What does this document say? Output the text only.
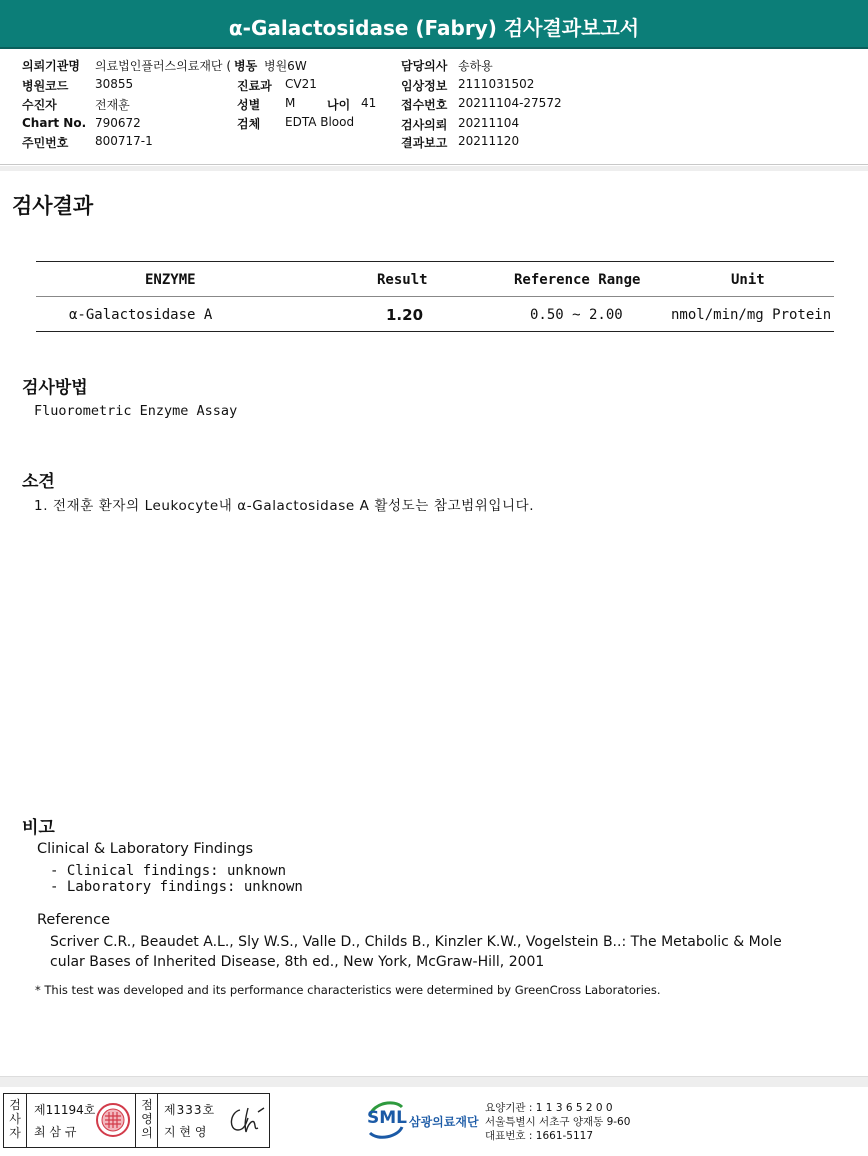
α-Galactosidase (Fabry) 검사결과보고서
의뢰기관명 의료법인플러스의료재단 (
병원코드 30855
수진자	전재훈
Chart No. 790672
주민번호 800717-1
병동 병원6W
진료과 CV21
성별 M	나이 41
검체 EDTA Blood
담당의사 송하용
임상정보 2111031502
접수번호 20211104-27572
검사의뢰 20211104
결과보고 20211120
검사결과
ENZYME	Result	Reference Range	Unit
α-Galactosidase A	1.20	0.50 ~ 2.00	nmol/min/mg Protein
검사방법
Fluorometric Enzyme Assay
소견
1. 전재훈 환자의 Leukocyte내 α-Galactosidase A 활성도는 참고범위입니다.
비고
Clinical & Laboratory Findings
- Clinical findings: unknown
- Laboratory findings: unknown
Reference
Scriver C.R., Beaudet A.L., Sly W.S., Valle D., Childs B., Kinzler K.W., Vogelstein B..: The Metabolic & Mole
cular Bases of Inherited Disease, 8th ed., New York, McGraw-Hill, 2001
* This test was developed and its performance characteristics were determined by GreenCross Laboratories.
검사자
제11194호
최 삼 규
점영의
제333호
지 현 영
SML 삼광의료재단
요양기관 : 1 1 3 6 5 2 0 0
서울특별시 서초구 양재동 9-60
대표번호 : 1661-5117
